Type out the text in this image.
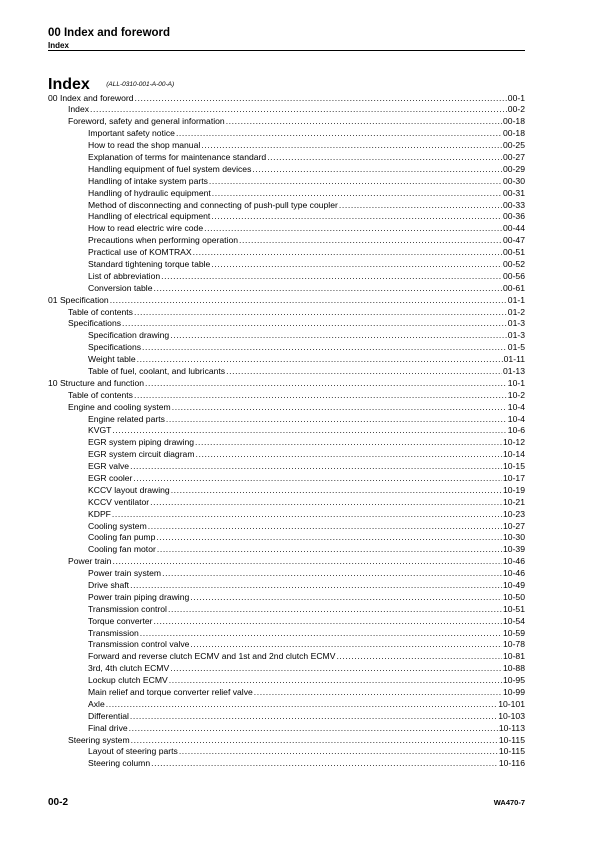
00 Index and foreword
Index
Index	(ALL-0310-001-A-00-A)
00 Index and foreword .....	00-1
Index .....	00-2
Foreword, safety and general information .....	00-18
Important safety notice .....	00-18
How to read the shop manual .....	00-25
Explanation of terms for maintenance standard .....	00-27
Handling equipment of fuel system devices .....	00-29
Handling of intake system parts .....	00-30
Handling of hydraulic equipment .....	00-31
Method of disconnecting and connecting of push-pull type coupler .....	00-33
Handling of electrical equipment .....	00-36
How to read electric wire code .....	00-44
Precautions when performing operation .....	00-47
Practical use of KOMTRAX .....	00-51
Standard tightening torque table .....	00-52
List of abbreviation .....	00-56
Conversion table .....	00-61
01 Specification .....	01-1
Table of contents .....	01-2
Specifications .....	01-3
Specification drawing .....	01-3
Specifications .....	01-5
Weight table .....	01-11
Table of fuel, coolant, and lubricants .....	01-13
10 Structure and function .....	10-1
Table of contents .....	10-2
Engine and cooling system .....	10-4
Engine related parts .....	10-4
KVGT .....	10-6
EGR system piping drawing .....	10-12
EGR system circuit diagram .....	10-14
EGR valve .....	10-15
EGR cooler .....	10-17
KCCV layout drawing .....	10-19
KCCV ventilator .....	10-21
KDPF .....	10-23
Cooling system .....	10-27
Cooling fan pump .....	10-30
Cooling fan motor .....	10-39
Power train .....	10-46
Power train system .....	10-46
Drive shaft .....	10-49
Power train piping drawing .....	10-50
Transmission control .....	10-51
Torque converter .....	10-54
Transmission .....	10-59
Transmission control valve .....	10-78
Forward and reverse clutch ECMV and 1st and 2nd clutch ECMV .....	10-81
3rd, 4th clutch ECMV .....	10-88
Lockup clutch ECMV .....	10-95
Main relief and torque converter relief valve .....	10-99
Axle .....	10-101
Differential .....	10-103
Final drive .....	10-113
Steering system .....	10-115
Layout of steering parts .....	10-115
Steering column .....	10-116
00-2	WA470-7
